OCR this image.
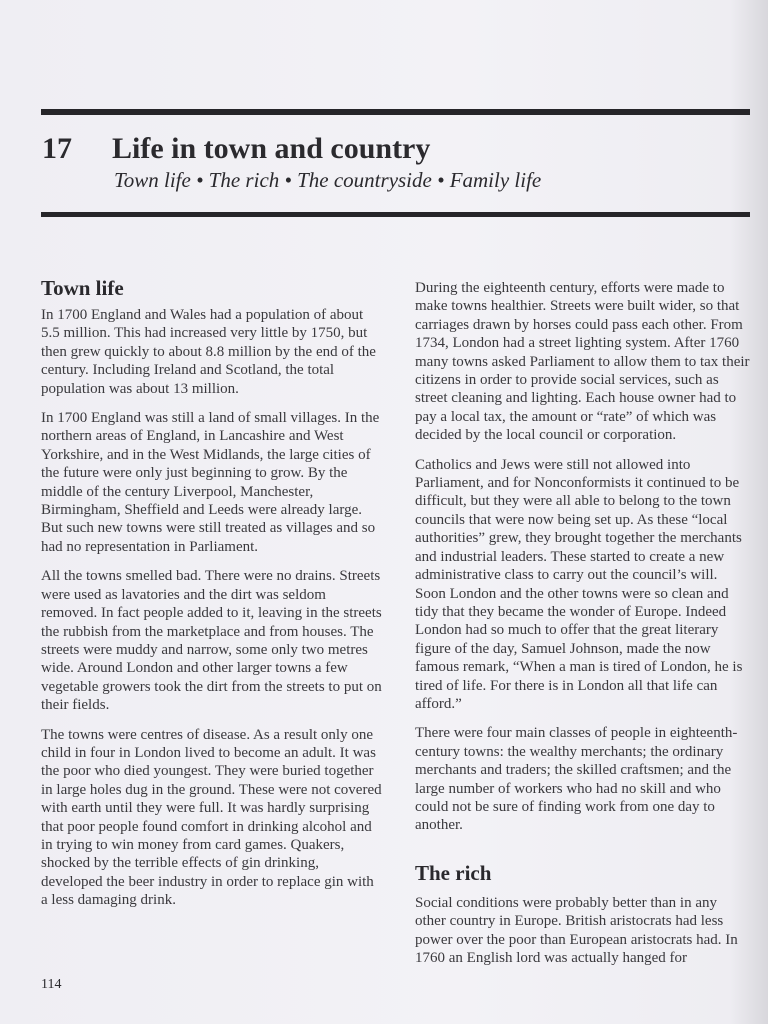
17 Life in town and country
Town life • The rich • The countryside • Family life
Town life

In 1700 England and Wales had a population of about 5.5 million. This had increased very little by 1750, but then grew quickly to about 8.8 million by the end of the century. Including Ireland and Scotland, the total population was about 13 million.

In 1700 England was still a land of small villages. In the northern areas of England, in Lancashire and West Yorkshire, and in the West Midlands, the large cities of the future were only just beginning to grow. By the middle of the century Liverpool, Manchester, Birmingham, Sheffield and Leeds were already large. But such new towns were still treated as villages and so had no representation in Parliament.

All the towns smelled bad. There were no drains. Streets were used as lavatories and the dirt was seldom removed. In fact people added to it, leaving in the streets the rubbish from the marketplace and from houses. The streets were muddy and narrow, some only two metres wide. Around London and other larger towns a few vegetable growers took the dirt from the streets to put on their fields.

The towns were centres of disease. As a result only one child in four in London lived to become an adult. It was the poor who died youngest. They were buried together in large holes dug in the ground. These were not covered with earth until they were full. It was hardly surprising that poor people found comfort in drinking alcohol and in trying to win money from card games. Quakers, shocked by the terrible effects of gin drinking, developed the beer industry in order to replace gin with a less damaging drink.

During the eighteenth century, efforts were made to make towns healthier. Streets were built wider, so that carriages drawn by horses could pass each other. From 1734, London had a street lighting system. After 1760 many towns asked Parliament to allow them to tax their citizens in order to provide social services, such as street cleaning and lighting. Each house owner had to pay a local tax, the amount or “rate” of which was decided by the local council or corporation.

Catholics and Jews were still not allowed into Parliament, and for Nonconformists it continued to be difficult, but they were all able to belong to the town councils that were now being set up. As these “local authorities” grew, they brought together the merchants and industrial leaders. These started to create a new administrative class to carry out the council’s will. Soon London and the other towns were so clean and tidy that they became the wonder of Europe. Indeed London had so much to offer that the great literary figure of the day, Samuel Johnson, made the now famous remark, “When a man is tired of London, he is tired of life. For there is in London all that life can afford.”

There were four main classes of people in eighteenth-century towns: the wealthy merchants; the ordinary merchants and traders; the skilled craftsmen; and the large number of workers who had no skill and who could not be sure of finding work from one day to another.

The rich

Social conditions were probably better than in any other country in Europe. British aristocrats had less power over the poor than European aristocrats had. In 1760 an English lord was actually hanged for

114
